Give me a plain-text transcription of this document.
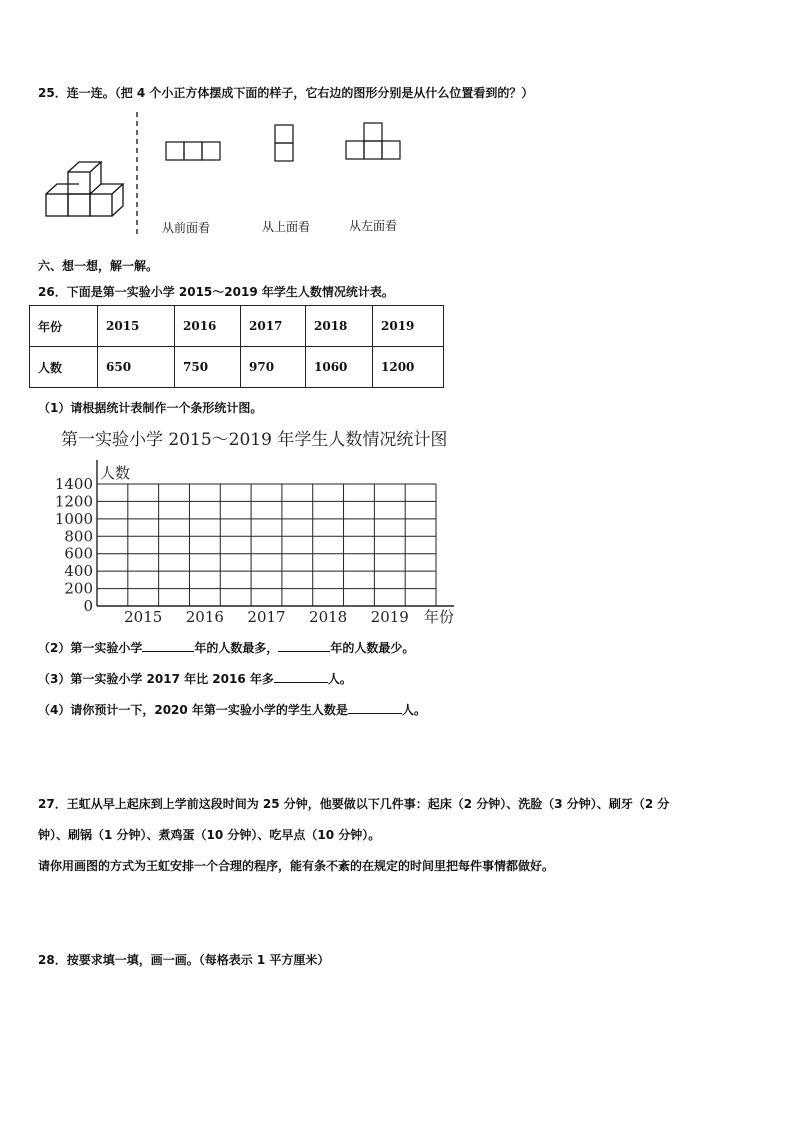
25．连一连。（把 4 个小正方体摆成下面的样子，它右边的图形分别是从什么位置看到的？）
从前面看	从上面看	从左面看
六、想一想，解一解。
26．下面是第一实验小学 2015～2019 年学生人数情况统计表。
年份	2015	2016	2017	2018	2019
人数	650	750	970	1060	1200
（1）请根据统计表制作一个条形统计图。
第一实验小学 2015～2019 年学生人数情况统计图
0
200
400
600
800
1000
1200
1400
人数
2015 2016 2017 2018 2019 年份
（2）第一实验小学	年的人数最多，	年的人数最少。
（3）第一实验小学 2017 年比 2016 年多	人。
（4）请你预计一下，2020 年第一实验小学的学生人数是	人。
27．王虹从早上起床到上学前这段时间为 25 分钟，他要做以下几件事：起床（2 分钟）、洗脸（3 分钟）、刷牙（2 分
钟）、刷锅（1 分钟）、煮鸡蛋（10 分钟）、吃早点（10 分钟）。
请你用画图的方式为王虹安排一个合理的程序，能有条不紊的在规定的时间里把每件事情都做好。
28．按要求填一填，画一画。（每格表示 1 平方厘米）
